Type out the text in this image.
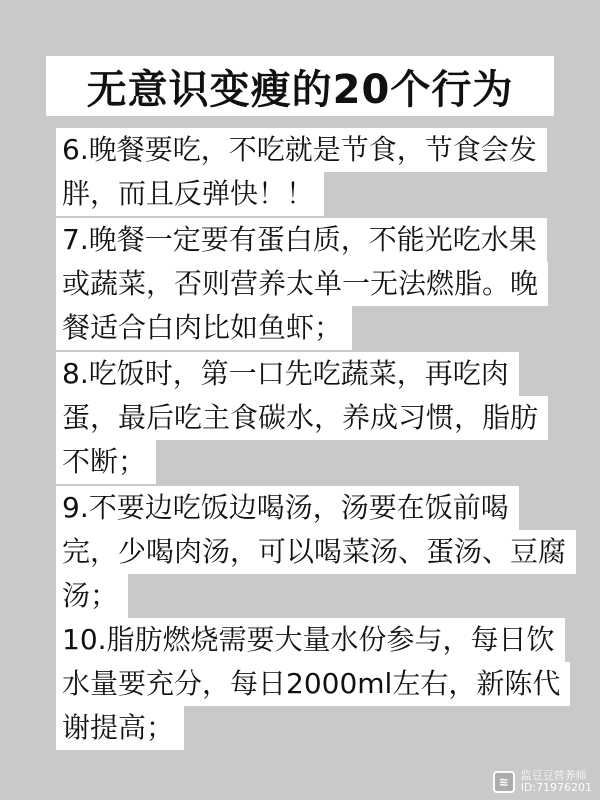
无意识变瘦的20个行为
6.晚餐要吃，不吃就是节食，节食会发
胖，而且反弹快！！
7.晚餐一定要有蛋白质，不能光吃水果
或蔬菜，否则营养太单一无法燃脂。晚
餐适合白肉比如鱼虾；
8.吃饭时，第一口先吃蔬菜，再吃肉
蛋，最后吃主食碳水，养成习惯，脂肪
不断；
9.不要边吃饭边喝汤，汤要在饭前喝
完，少喝肉汤，可以喝菜汤、蛋汤、豆腐
汤；
10.脂肪燃烧需要大量水份参与，每日饮
水量要充分，每日2000ml左右，新陈代
谢提高；
≋	监豆豆营养师
ID:71976201
